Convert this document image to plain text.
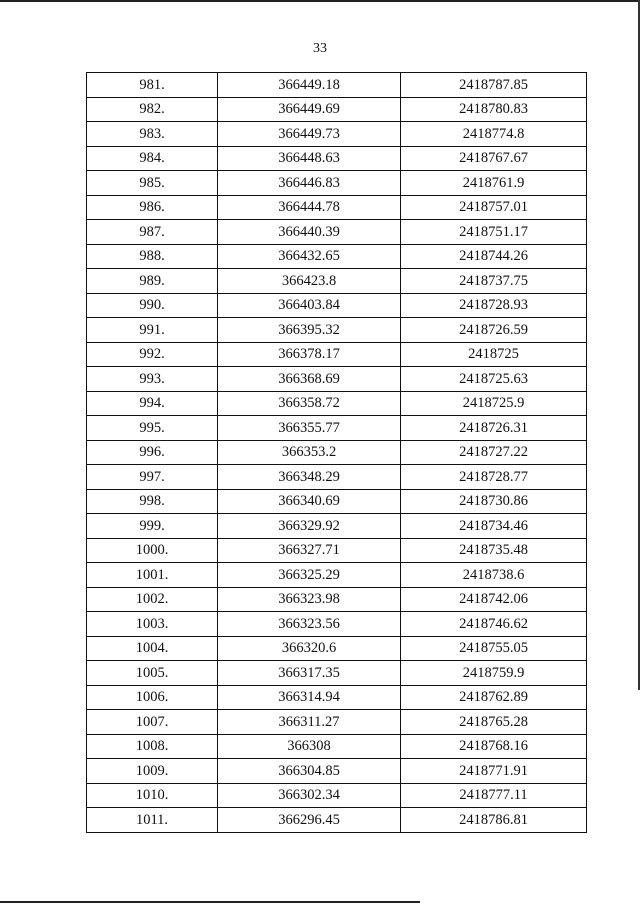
33
981.	366449.18	2418787.85
982.	366449.69	2418780.83
983.	366449.73	2418774.8
984.	366448.63	2418767.67
985.	366446.83	2418761.9
986.	366444.78	2418757.01
987.	366440.39	2418751.17
988.	366432.65	2418744.26
989.	366423.8	2418737.75
990.	366403.84	2418728.93
991.	366395.32	2418726.59
992.	366378.17	2418725
993.	366368.69	2418725.63
994.	366358.72	2418725.9
995.	366355.77	2418726.31
996.	366353.2	2418727.22
997.	366348.29	2418728.77
998.	366340.69	2418730.86
999.	366329.92	2418734.46
1000.	366327.71	2418735.48
1001.	366325.29	2418738.6
1002.	366323.98	2418742.06
1003.	366323.56	2418746.62
1004.	366320.6	2418755.05
1005.	366317.35	2418759.9
1006.	366314.94	2418762.89
1007.	366311.27	2418765.28
1008.	366308	2418768.16
1009.	366304.85	2418771.91
1010.	366302.34	2418777.11
1011.	366296.45	2418786.81
